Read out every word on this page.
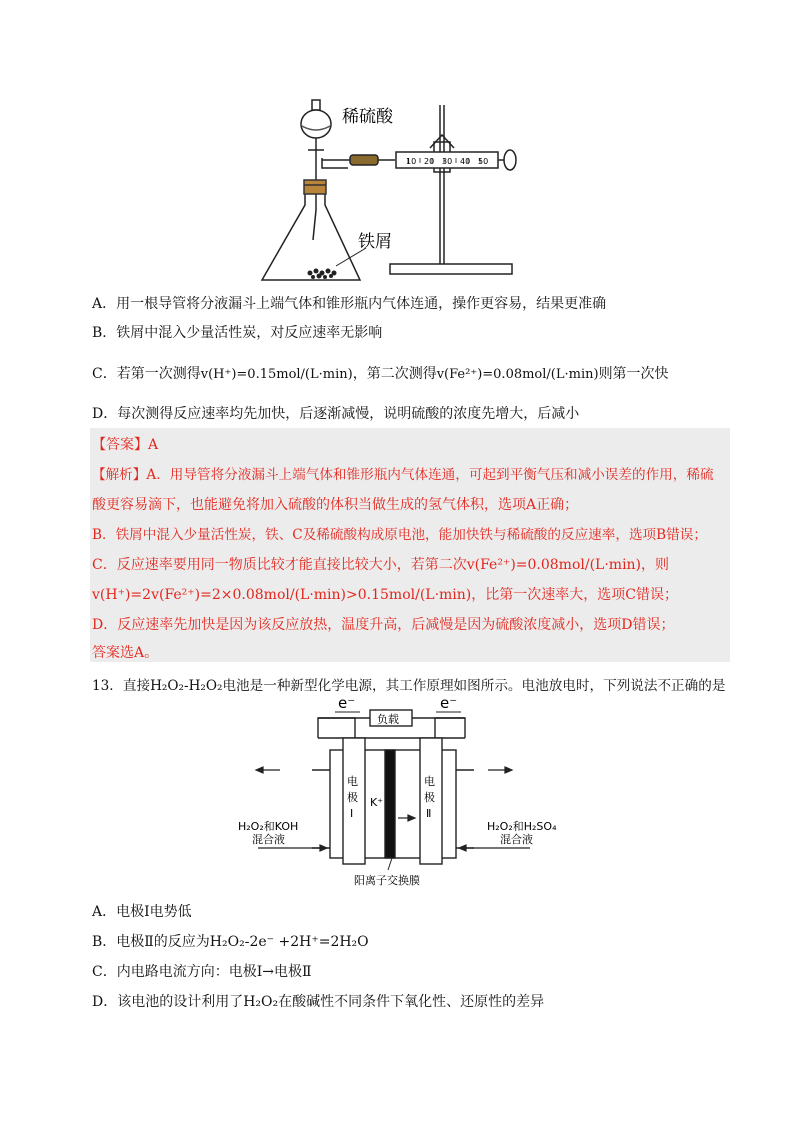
稀硫酸
铁屑
10 20 30 40 50
A．用一根导管将分液漏斗上端气体和锥形瓶内气体连通，操作更容易，结果更准确
B．铁屑中混入少量活性炭，对反应速率无影响
C．若第一次测得v(H⁺)=0.15mol/(L·min)，第二次测得v(Fe²⁺)=0.08mol/(L·min)则第一次快
D．每次测得反应速率均先加快，后逐渐减慢，说明硫酸的浓度先增大，后减小
【答案】A
【解析】A．用导管将分液漏斗上端气体和锥形瓶内气体连通，可起到平衡气压和减小误差的作用，稀硫
酸更容易滴下，也能避免将加入硫酸的体积当做生成的氢气体积，选项A正确；
B．铁屑中混入少量活性炭，铁、C及稀硫酸构成原电池，能加快铁与稀硫酸的反应速率，选项B错误；
C．反应速率要用同一物质比较才能直接比较大小，若第二次v(Fe²⁺)=0.08mol/(L·min)，则
v(H⁺)=2v(Fe²⁺)=2×0.08mol/(L·min)>0.15mol/(L·min)，比第一次速率大，选项C错误；
D．反应速率先加快是因为该反应放热，温度升高，后减慢是因为硫酸浓度减小，选项D错误；
答案选A。
13．直接H₂O₂-H₂O₂电池是一种新型化学电源，其工作原理如图所示。电池放电时，下列说法不正确的是
负载
e⁻	e⁻
电
极
Ⅰ
电
极
Ⅱ
K⁺
H₂O₂和KOH
混合液
H₂O₂和H₂SO₄
混合液
阳离子交换膜
A．电极Ⅰ电势低
B．电极Ⅱ的反应为H₂O₂-2e⁻ +2H⁺=2H₂O
C．内电路电流方向：电极Ⅰ→电极Ⅱ
D．该电池的设计利用了H₂O₂在酸碱性不同条件下氧化性、还原性的差异
